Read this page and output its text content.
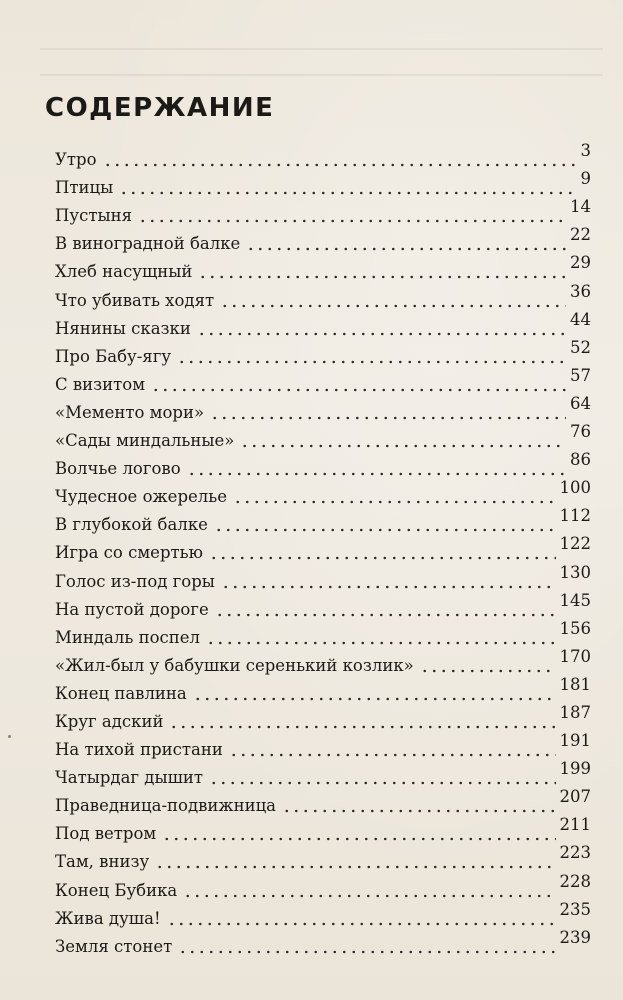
СОДЕРЖАНИЕ
Утро	3
Птицы	9
Пустыня	14
В виноградной балке	22
Хлеб насущный	29
Что убивать ходят	36
Нянины сказки	44
Про Бабу-ягу	52
С визитом	57
«Мементо мори»	64
«Сады миндальные»	76
Волчье логово	86
Чудесное ожерелье	100
В глубокой балке	112
Игра со смертью	122
Голос из-под горы	130
На пустой дороге	145
Миндаль поспел	156
«Жил-был у бабушки серенький козлик»	170
Конец павлина	181
Круг адский	187
На тихой пристани	191
Чатырдаг дышит	199
Праведница-подвижница	207
Под ветром	211
Там, внизу	223
Конец Бубика	228
Жива душа!	235
Земля стонет	239
